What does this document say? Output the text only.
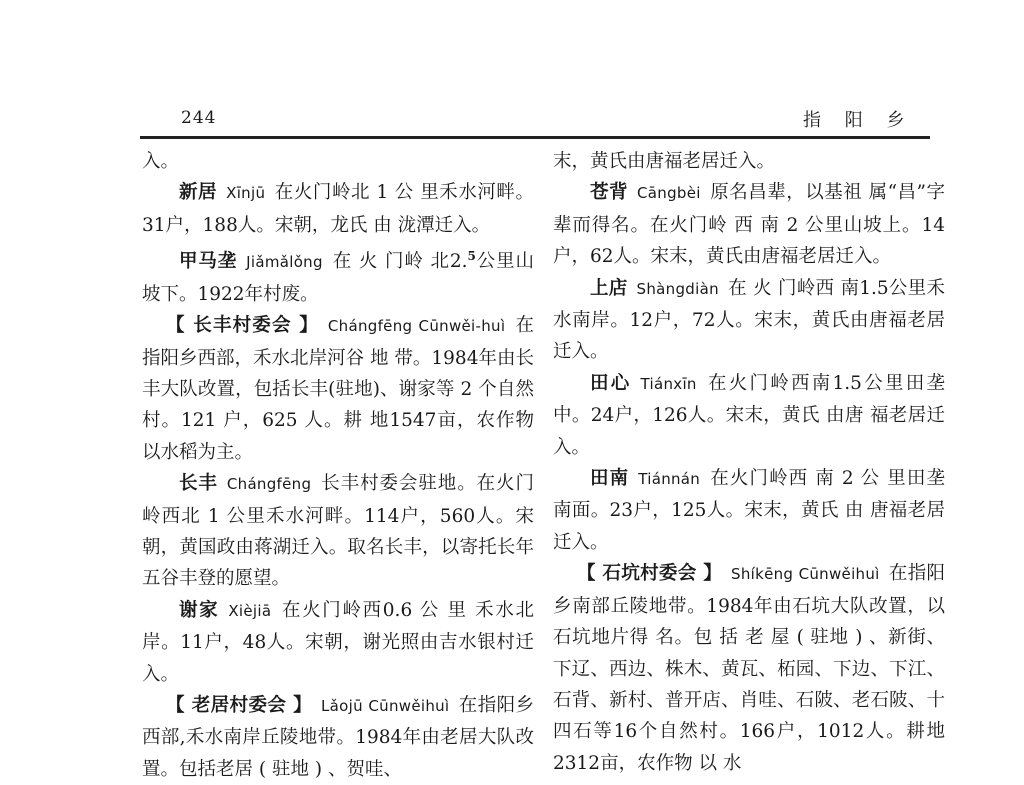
244	指 阳 乡

入。

新居 Xīnjū 在火门岭北 1 公 里禾水河畔。31户，188人。宋朝，龙氏 由 泷潭迁入。

甲马垄 Jiǎmǎlǒng 在 火 门岭 北2.$^5$公里山坡下。1922年村废。

【 长丰村委会 】 Chángfēng Cūnwěi-huì 在指阳乡西部，禾水北岸河谷 地 带。1984年由长丰大队改置，包括长丰(驻地)、谢家等 2 个自然 村。121 户，625 人。耕 地1547亩，农作物以水稻为主。

长丰 Chángfēng 长丰村委会驻地。在火门岭西北 1 公里禾水河畔。114户，560人。宋朝，黄国政由蒋湖迁入。取名长丰，以寄托长年五谷丰登的愿望。

谢家 Xièjiā 在火门岭西0.6 公 里 禾水北岸。11户，48人。宋朝，谢光照由吉水银村迁入。

【 老居村委会 】 Lǎojū Cūnwěihuì 在指阳乡西部,禾水南岸丘陵地带。1984年由老居大队改置。包括老居 ( 驻地 ) 、贺哇、

末，黄氏由唐福老居迁入。

苍背 Cāngbèi 原名昌辈，以基祖 属“昌”字辈而得名。在火门岭 西 南 2 公里山坡上。14户，62人。宋末，黄氏由唐福老居迁入。

上店 Shàngdiàn 在 火 门岭西 南1.5公里禾水南岸。12户，72人。宋末，黄氏由唐福老居迁入。

田心 Tiánxīn 在火门岭西南1.5公里田垄中。24户，126人。宋末，黄氏 由唐 福老居迁入。

田南 Tiánnán 在火门岭西 南 2 公 里田垄南面。23户，125人。宋末，黄氏 由 唐福老居迁入。

【 石坑村委会 】 Shíkēng Cūnwěihuì 在指阳乡南部丘陵地带。1984年由石坑大队改置，以石坑地片得 名。包 括 老 屋 ( 驻地 ) 、新街、下辽、西边、株木、黄瓦、柘园、下边、下江、石背、新村、普开店、肖哇、石陂、老石陂、十四石等16个自然村。166户，1012人。耕地2312亩，农作物 以 水
